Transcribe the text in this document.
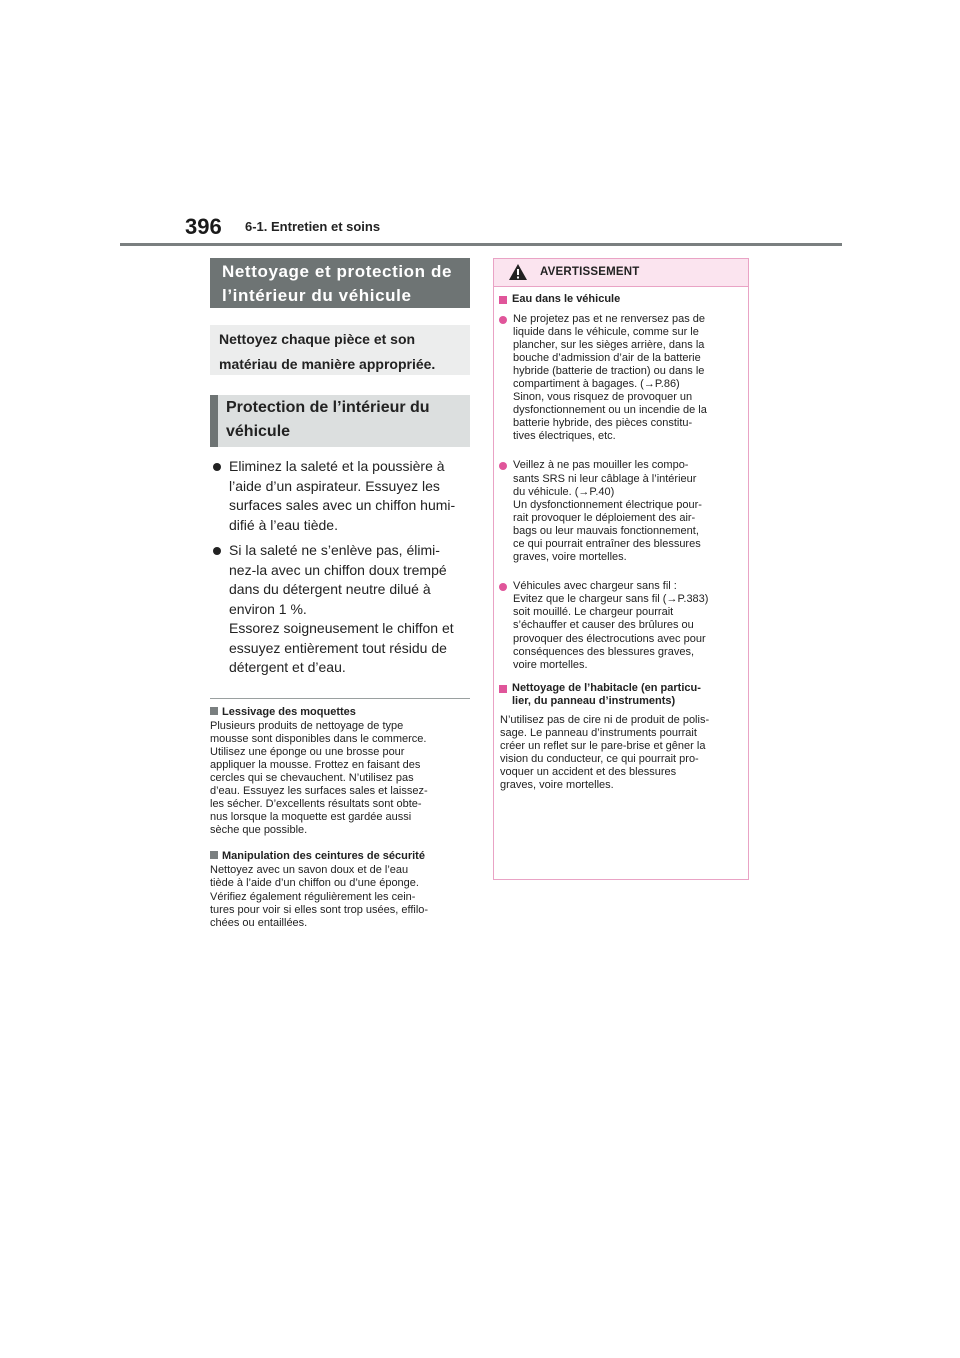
396 6-1. Entretien et soins
Nettoyage et protection de
l’intérieur du véhicule
Nettoyez chaque pièce et son
matériau de manière appropriée.
Protection de l’intérieur du
véhicule
Eliminez la saleté et la poussière à
l’aide d’un aspirateur. Essuyez les
surfaces sales avec un chiffon humi-
difié à l’eau tiède.
Si la saleté ne s’enlève pas, élimi-
nez-la avec un chiffon doux trempé
dans du détergent neutre dilué à
environ 1 %.
Essorez soigneusement le chiffon et
essuyez entièrement tout résidu de
détergent et d’eau.
Lessivage des moquettes
Plusieurs produits de nettoyage de type
mousse sont disponibles dans le commerce.
Utilisez une éponge ou une brosse pour
appliquer la mousse. Frottez en faisant des
cercles qui se chevauchent. N’utilisez pas
d’eau. Essuyez les surfaces sales et laissez-
les sécher. D’excellents résultats sont obte-
nus lorsque la moquette est gardée aussi
sèche que possible.
Manipulation des ceintures de sécurité
Nettoyez avec un savon doux et de l’eau
tiède à l’aide d’un chiffon ou d’une éponge.
Vérifiez également régulièrement les cein-
tures pour voir si elles sont trop usées, effilo-
chées ou entaillées.
AVERTISSEMENT
Eau dans le véhicule
Ne projetez pas et ne renversez pas de
liquide dans le véhicule, comme sur le
plancher, sur les sièges arrière, dans la
bouche d’admission d’air de la batterie
hybride (batterie de traction) ou dans le
compartiment à bagages. (→P.86)
Sinon, vous risquez de provoquer un
dysfonctionnement ou un incendie de la
batterie hybride, des pièces constitu-
tives électriques, etc.
Veillez à ne pas mouiller les compo-
sants SRS ni leur câblage à l’intérieur
du véhicule. (→P.40)
Un dysfonctionnement électrique pour-
rait provoquer le déploiement des air-
bags ou leur mauvais fonctionnement,
ce qui pourrait entraîner des blessures
graves, voire mortelles.
Véhicules avec chargeur sans fil :
Evitez que le chargeur sans fil (→P.383)
soit mouillé. Le chargeur pourrait
s’échauffer et causer des brûlures ou
provoquer des électrocutions avec pour
conséquences des blessures graves,
voire mortelles.
Nettoyage de l’habitacle (en particu-
lier, du panneau d’instruments)
N’utilisez pas de cire ni de produit de polis-
sage. Le panneau d’instruments pourrait
créer un reflet sur le pare-brise et gêner la
vision du conducteur, ce qui pourrait pro-
voquer un accident et des blessures
graves, voire mortelles.
